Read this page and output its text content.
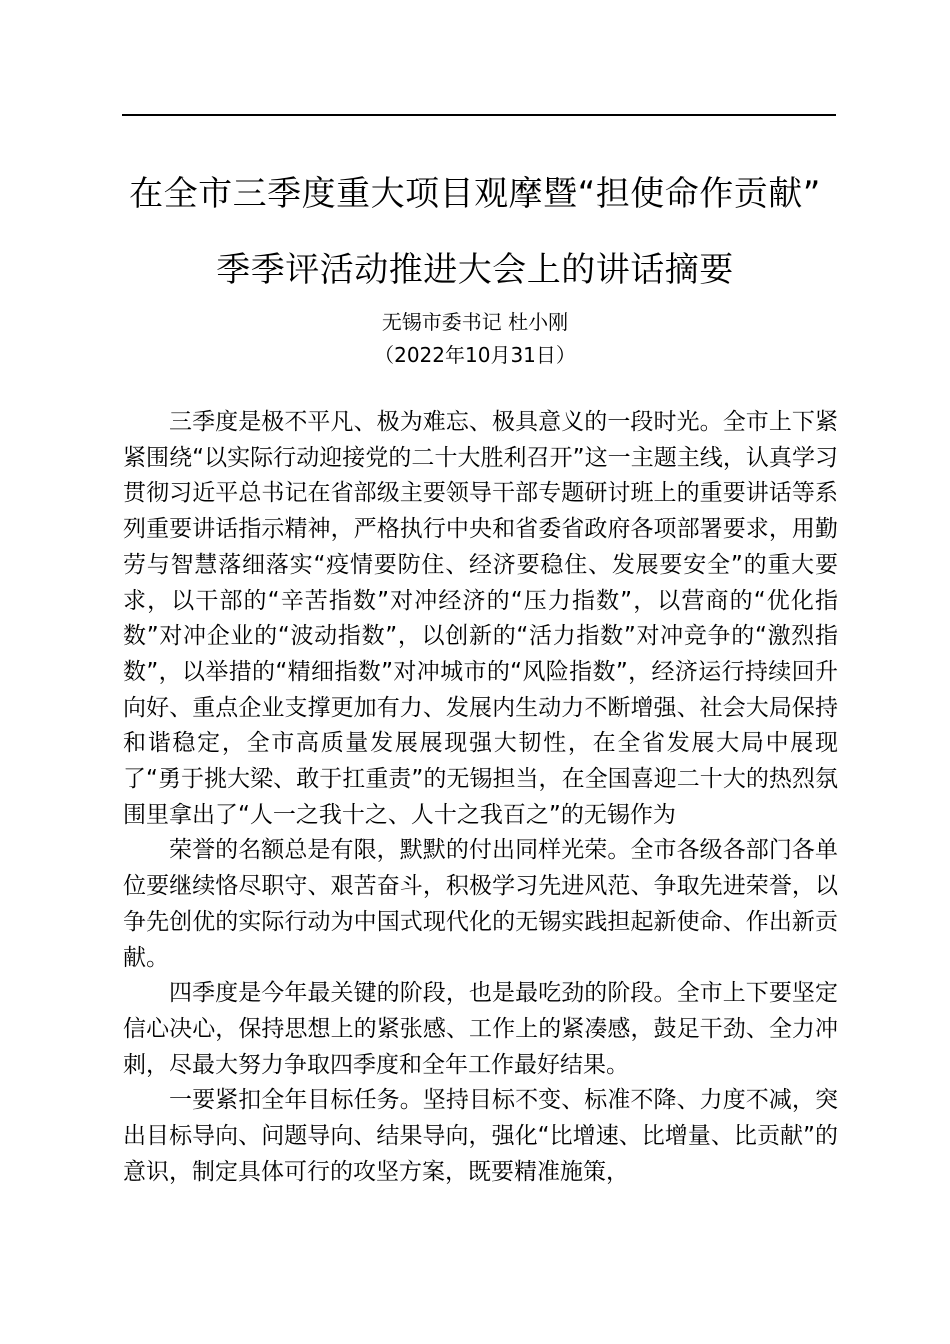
在全市三季度重大项目观摩暨“担使命作贡献”
季季评活动推进大会上的讲话摘要
无锡市委书记 杜小刚
（2022年10月31日）

三季度是极不平凡、极为难忘、极具意义的一段时光。全市上下紧紧围绕“以实际行动迎接党的二十大胜利召开”这一主题主线，认真学习贯彻习近平总书记在省部级主要领导干部专题研讨班上的重要讲话等系列重要讲话指示精神，严格执行中央和省委省政府各项部署要求，用勤劳与智慧落细落实“疫情要防住、经济要稳住、发展要安全”的重大要求，以干部的“辛苦指数”对冲经济的“压力指数”，以营商的“优化指数”对冲企业的“波动指数”，以创新的“活力指数”对冲竞争的“激烈指数”，以举措的“精细指数”对冲城市的“风险指数”，经济运行持续回升向好、重点企业支撑更加有力、发展内生动力不断增强、社会大局保持和谐稳定，全市高质量发展展现强大韧性，在全省发展大局中展现了“勇于挑大梁、敢于扛重责”的无锡担当，在全国喜迎二十大的热烈氛围里拿出了“人一之我十之、人十之我百之”的无锡作为

荣誉的名额总是有限，默默的付出同样光荣。全市各级各部门各单位要继续恪尽职守、艰苦奋斗，积极学习先进风范、争取先进荣誉，以争先创优的实际行动为中国式现代化的无锡实践担起新使命、作出新贡献。

四季度是今年最关键的阶段，也是最吃劲的阶段。全市上下要坚定信心决心，保持思想上的紧张感、工作上的紧凑感，鼓足干劲、全力冲刺，尽最大努力争取四季度和全年工作最好结果。

一要紧扣全年目标任务。坚持目标不变、标准不降、力度不减，突出目标导向、问题导向、结果导向，强化“比增速、比增量、比贡献”的意识，制定具体可行的攻坚方案，既要精准施策，
